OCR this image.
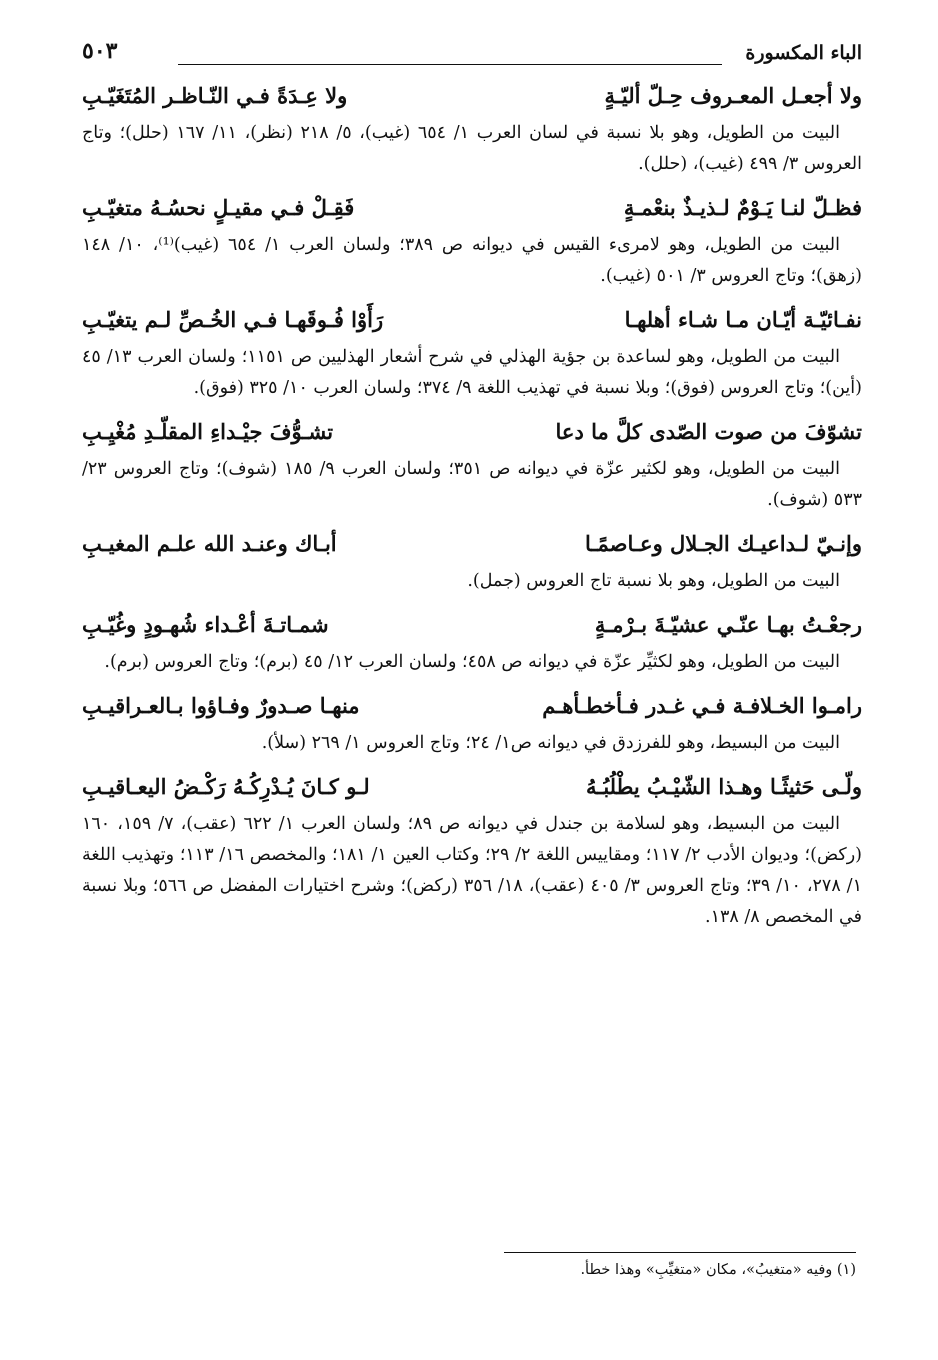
الباء المكسورة
٥٠٣
ولا أجعـل المعـروف حِـلّ أليّـةٍ
ولا عِـدَةً فـي النّـاظـر المُتَغَيّـبِ
البيت من الطويل، وهو بلا نسبة في لسان العرب ١/ ٦٥٤ (غيب)، ٥/ ٢١٨ (نظر)، ١١/ ١٦٧ (حلل)؛ وتاج العروس ٣/ ٤٩٩ (غيب)، (حلل).
فظـلّ لنـا يَـوْمٌ لـذيـذٌ بنعْمـةٍ
فَقِـلْ فـي مقيـلٍ نحسُـهُ متغيّـبِ
البيت من الطويل، وهو لامرىء القيس في ديوانه ص ٣٨٩؛ ولسان العرب ١/ ٦٥٤ (غيب)⁽¹⁾، ١٠/ ١٤٨ (زهق)؛ وتاج العروس ٣/ ٥٠١ (غيب).
نفـائيّـة أيّـان مـا شـاء أهلهـا
رَأَوْا فُـوقَهـا فـي الخُـصِّ لـم يتغيّـبِ
البيت من الطويل، وهو لساعدة بن جؤية الهذلي في شرح أشعار الهذليين ص ١١٥١؛ ولسان العرب ١٣/ ٤٥ (أين)؛ وتاج العروس (فوق)؛ وبلا نسبة في تهذيب اللغة ٩/ ٣٧٤؛ ولسان العرب ١٠/ ٣٢٥ (فوق).
تشوّفَ من صوت الصّدى كلَّ ما دعا
تشـوُّفَ جيْـداءِ المقلّـدِ مُغْيِـبِ
البيت من الطويل، وهو لكثير عزّة في ديوانه ص ٣٥١؛ ولسان العرب ٩/ ١٨٥ (شوف)؛ وتاج العروس ٢٣/ ٥٣٣ (شوف).
وإنـيّ لـداعيـك الجـلال وعـاصمًـا
أبـاك وعنـد الله علـم المغيـبِ
البيت من الطويل، وهو بلا نسبة تاج العروس (جمل).
رجعْـتُ بهـا عنّـي عشيّـةَ بـرْمـةٍ
شمـاتـةَ أعْـداء شُهـودٍ وغُيّـبِ
البيت من الطويل، وهو لكثيِّر عزّة في ديوانه ص ٤٥٨؛ ولسان العرب ١٢/ ٤٥ (برم)؛ وتاج العروس (برم).
رامـوا الخـلافـة فـي غـدر فـأخطـأهـم
منهـا صـدورٌ وفـاؤوا بـالعـراقيـبِ
البيت من البسيط، وهو للفرزدق في ديوانه ص١/ ٢٤؛ وتاج العروس ١/ ٢٦٩ (سلأ).
ولّـى حَثيثًـا وهـذا الشّيْـبُ يطْلُبُـهُ
لـو كـانَ يُـدْرِكُـهُ رَكْـضُ اليعـاقيـبِ
البيت من البسيط، وهو لسلامة بن جندل في ديوانه ص ٨٩؛ ولسان العرب ١/ ٦٢٢ (عقب)، ٧/ ١٥٩، ١٦٠ (ركض)؛ وديوان الأدب ٢/ ١١٧؛ ومقاييس اللغة ٢/ ٢٩؛ وكتاب العين ١/ ١٨١؛ والمخصص ١٦/ ١١٣؛ وتهذيب اللغة ١/ ٢٧٨، ١٠/ ٣٩؛ وتاج العروس ٣/ ٤٠٥ (عقب)، ١٨/ ٣٥٦ (ركض)؛ وشرح اختيارات المفضل ص ٥٦٦؛ وبلا نسبة في المخصص ٨/ ١٣٨.
(١) وفيه «متغيبُ»، مكان «متغيِّبِ» وهذا خطأ.
